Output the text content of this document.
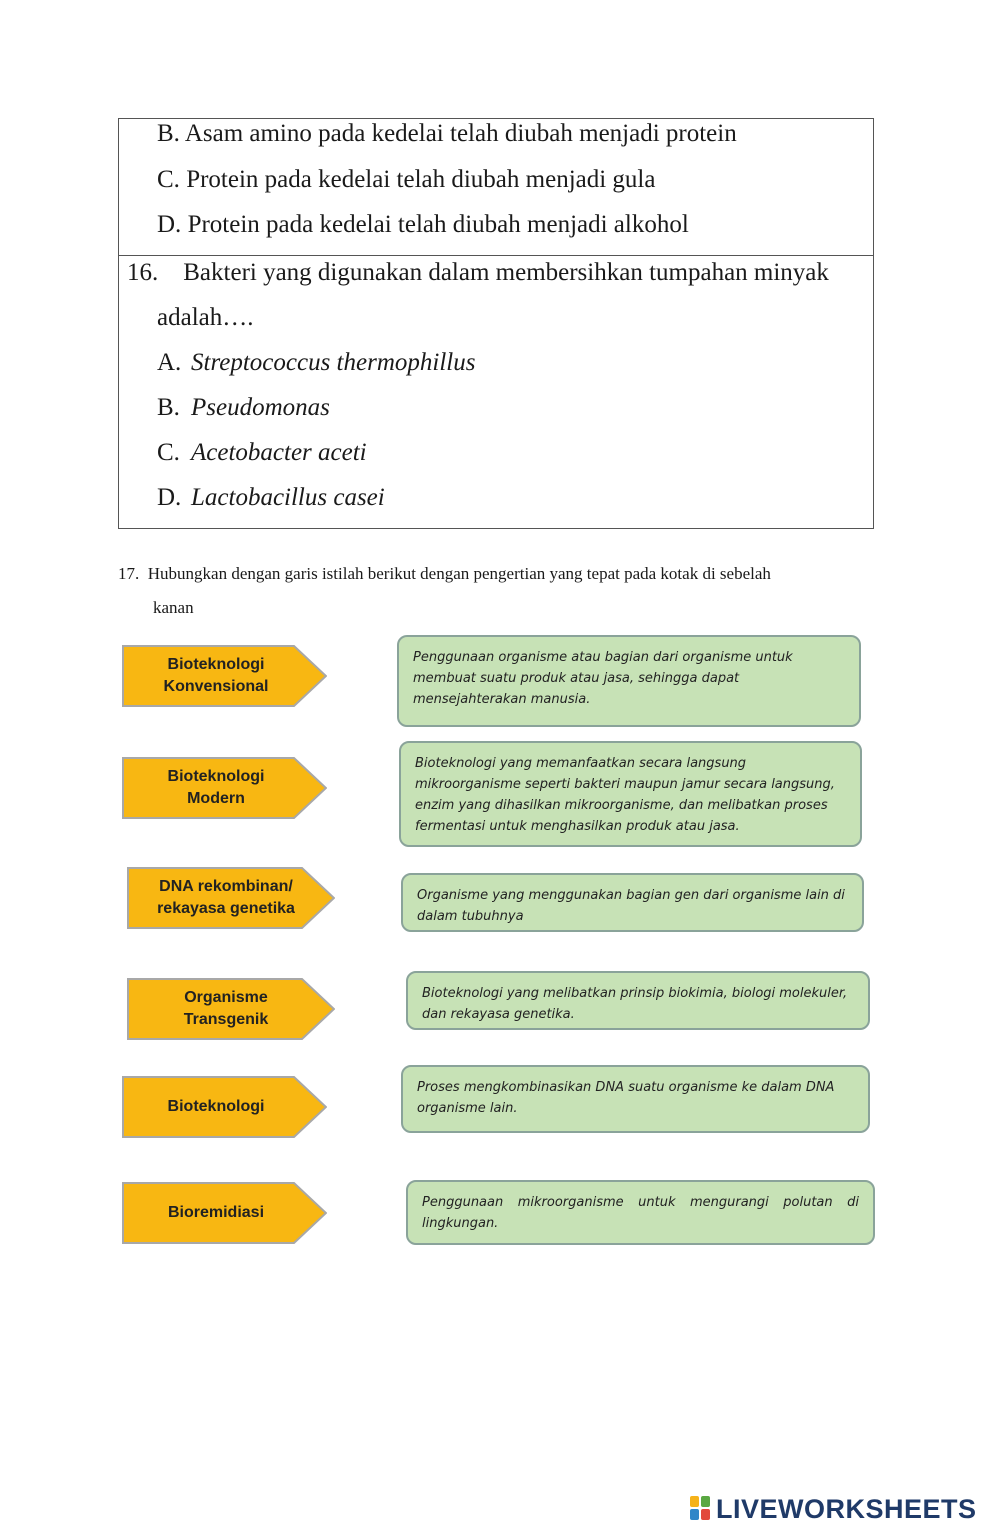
B. Asam amino pada kedelai telah diubah menjadi protein
C. Protein pada kedelai telah diubah menjadi gula
D. Protein pada kedelai telah diubah menjadi alkohol
16. Bakteri yang digunakan dalam membersihkan tumpahan minyak
adalah….
A. Streptococcus thermophillus
B. Pseudomonas
C. Acetobacter aceti
D. Lactobacillus casei
17. Hubungkan dengan garis istilah berikut dengan pengertian yang tepat pada kotak di sebelah
kanan
Bioteknologi
Konvensional
Bioteknologi
Modern
DNA rekombinan/
rekayasa genetika
Organisme
Transgenik
Bioteknologi
Bioremidiasi
Penggunaan organisme atau bagian dari organisme untuk membuat suatu produk atau jasa, sehingga dapat mensejahterakan manusia.
Bioteknologi yang memanfaatkan secara langsung mikroorganisme seperti bakteri maupun jamur secara langsung, enzim yang dihasilkan mikroorganisme, dan melibatkan proses fermentasi untuk menghasilkan produk atau jasa.
Organisme yang menggunakan bagian gen dari organisme lain di dalam tubuhnya
Bioteknologi yang melibatkan prinsip biokimia, biologi molekuler, dan rekayasa genetika.
Proses mengkombinasikan DNA suatu organisme ke dalam DNA organisme lain.
Penggunaan mikroorganisme untuk mengurangi polutan di lingkungan.
LIVEWORKSHEETS
